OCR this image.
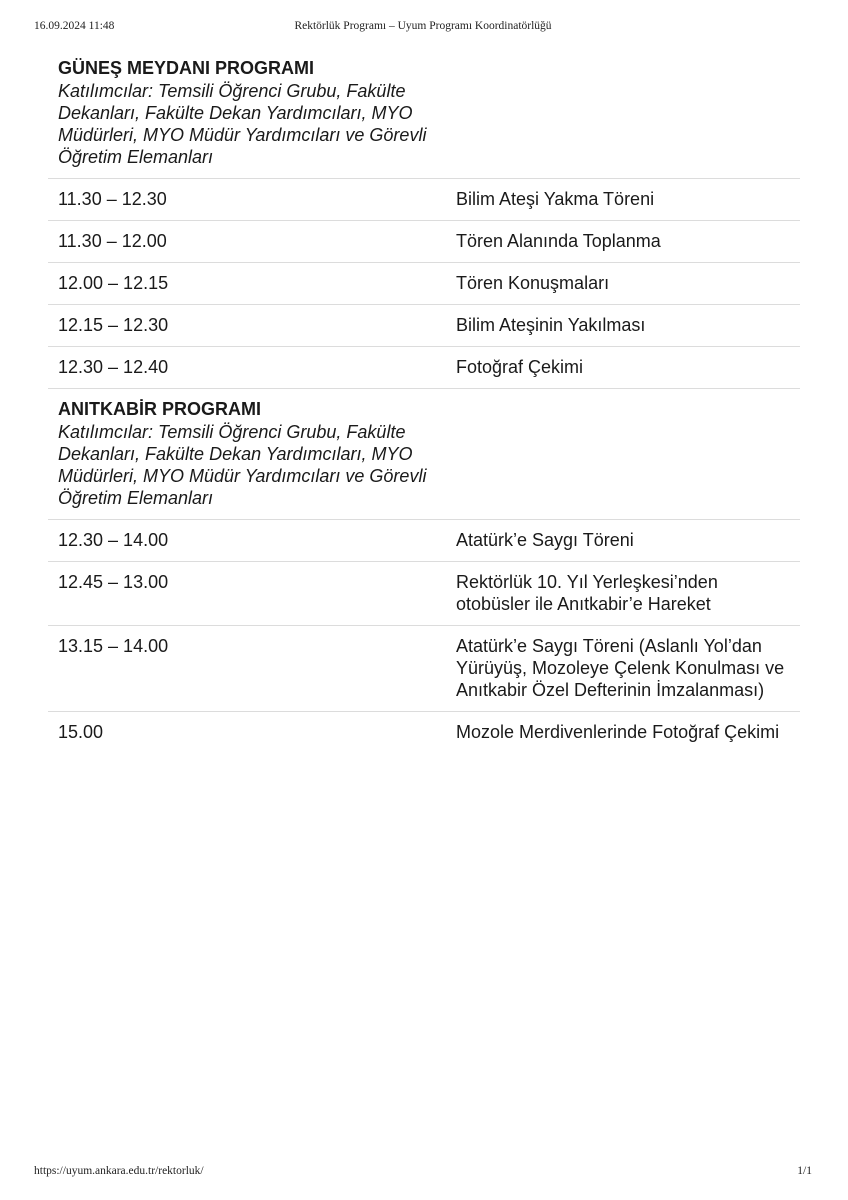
16.09.2024 11:48	Rektörlük Programı – Uyum Programı Koordinatörlüğü

GÜNEŞ MEYDANI PROGRAMI

Katılımcılar: Temsili Öğrenci Grubu, Fakülte Dekanları, Fakülte Dekan Yardımcıları, MYO Müdürleri, MYO Müdür Yardımcıları ve Görevli Öğretim Elemanları

11.30 – 12.30	Bilim Ateşi Yakma Töreni
11.30 – 12.00	Tören Alanında Toplanma
12.00 – 12.15	Tören Konuşmaları
12.15 – 12.30	Bilim Ateşinin Yakılması
12.30 – 12.40	Fotoğraf Çekimi

ANITKABİR PROGRAMI

Katılımcılar: Temsili Öğrenci Grubu, Fakülte Dekanları, Fakülte Dekan Yardımcıları, MYO Müdürleri, MYO Müdür Yardımcıları ve Görevli Öğretim Elemanları

12.30 – 14.00	Atatürk’e Saygı Töreni
12.45 – 13.00	Rektörlük 10. Yıl Yerleşkesi’nden otobüsler ile Anıtkabir’e Hareket
13.15 – 14.00	Atatürk’e Saygı Töreni (Aslanlı Yol’dan Yürüyüş, Mozoleye Çelenk Konulması ve Anıtkabir Özel Defterinin İmzalanması)
15.00	Mozole Merdivenlerinde Fotoğraf Çekimi
https://uyum.ankara.edu.tr/rektorluk/	1/1
